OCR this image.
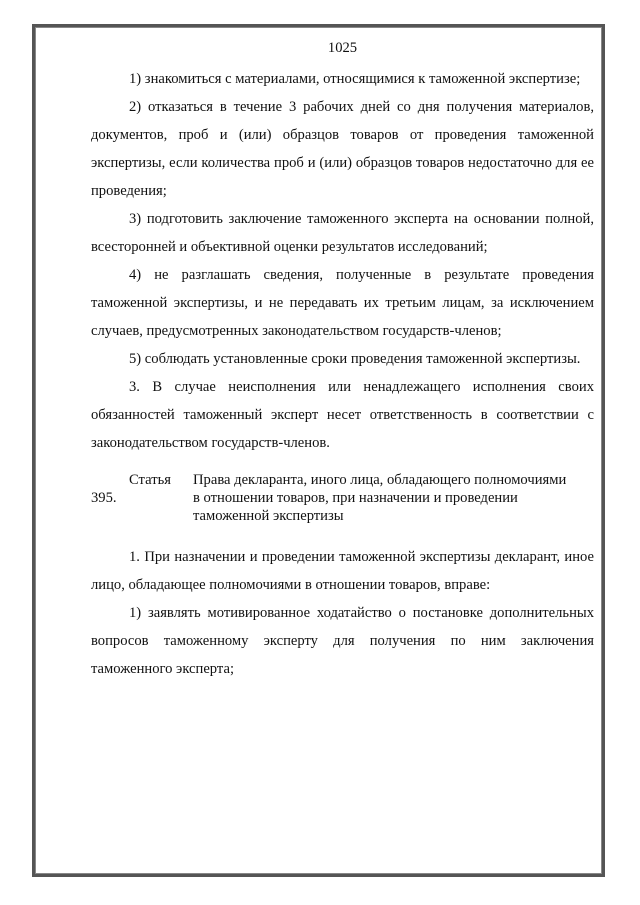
1025

1) знакомиться с материалами, относящимися к таможенной экспертизе;

2) отказаться в течение 3 рабочих дней со дня получения материалов, документов, проб и (или) образцов товаров от проведения таможенной экспертизы, если количества проб и (или) образцов товаров недостаточно для ее проведения;

3) подготовить заключение таможенного эксперта на основании полной, всесторонней и объективной оценки результатов исследований;

4) не разглашать сведения, полученные в результате проведения таможенной экспертизы, и не передавать их третьим лицам, за исключением случаев, предусмотренных законодательством государств-членов;

5) соблюдать установленные сроки проведения таможенной экспертизы.

3. В случае неисполнения или ненадлежащего исполнения своих обязанностей таможенный эксперт несет ответственность в соответствии с законодательством государств-членов.

Статья 395.Права декларанта, иного лица, обладающего полномочиями в отношении товаров, при назначении и проведении таможенной экспертизы

1. При назначении и проведении таможенной экспертизы декларант, иное лицо, обладающее полномочиями в отношении товаров, вправе:

1) заявлять мотивированное ходатайство о постановке дополнительных вопросов таможенному эксперту для получения по ним заключения таможенного эксперта;
